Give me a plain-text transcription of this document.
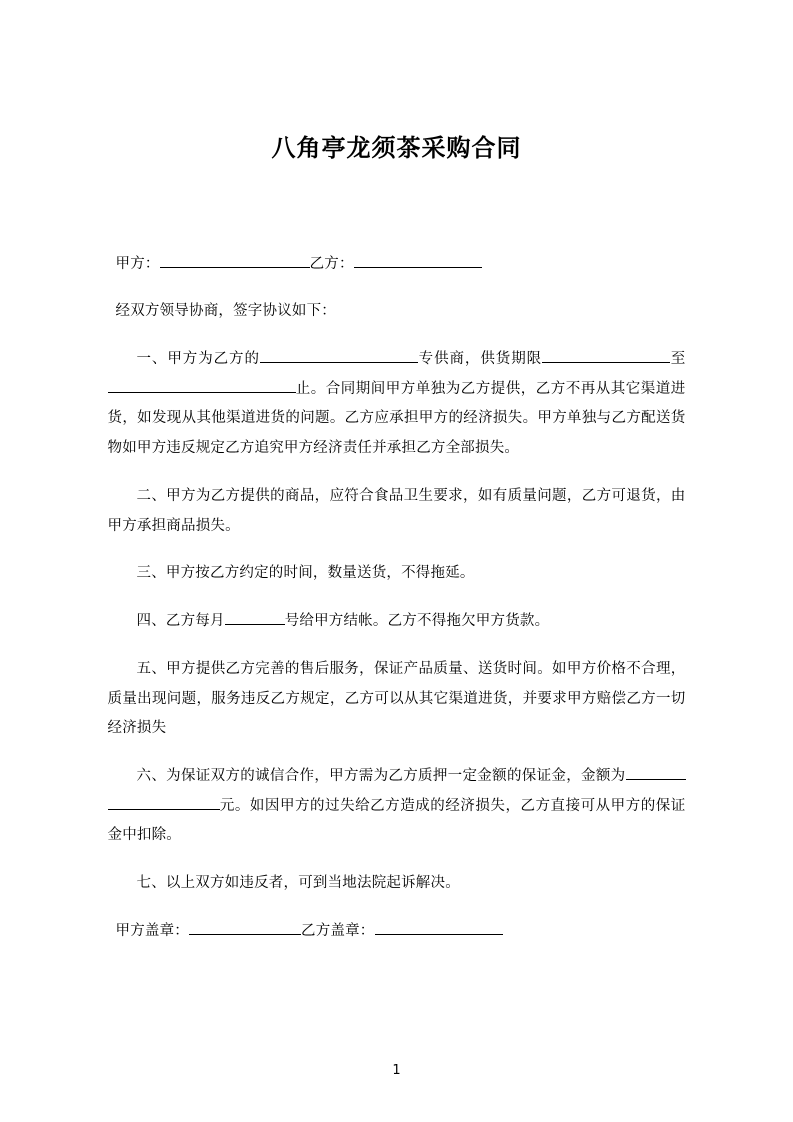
八角亭龙须茶采购合同

甲方：	乙方：

经双方领导协商，签字协议如下：

一、甲方为乙方的	专供商，供货期限	至止。合同期间甲方单独为乙方提供，乙方不再从其它渠道进货，如发现从其他渠道进货的问题。乙方应承担甲方的经济损失。甲方单独与乙方配送货物如甲方违反规定乙方追究甲方经济责任并承担乙方全部损失。

二、甲方为乙方提供的商品，应符合食品卫生要求，如有质量问题，乙方可退货，由甲方承担商品损失。

三、甲方按乙方约定的时间，数量送货，不得拖延。

四、乙方每月	号给甲方结帐。乙方不得拖欠甲方货款。

五、甲方提供乙方完善的售后服务，保证产品质量、送货时间。如甲方价格不合理，质量出现问题，服务违反乙方规定，乙方可以从其它渠道进货，并要求甲方赔偿乙方一切经济损失

六、为保证双方的诚信合作，甲方需为乙方质押一定金额的保证金，金额为元。如因甲方的过失给乙方造成的经济损失，乙方直接可从甲方的保证金中扣除。

七、以上双方如违反者，可到当地法院起诉解决。

甲方盖章：	乙方盖章：

1
